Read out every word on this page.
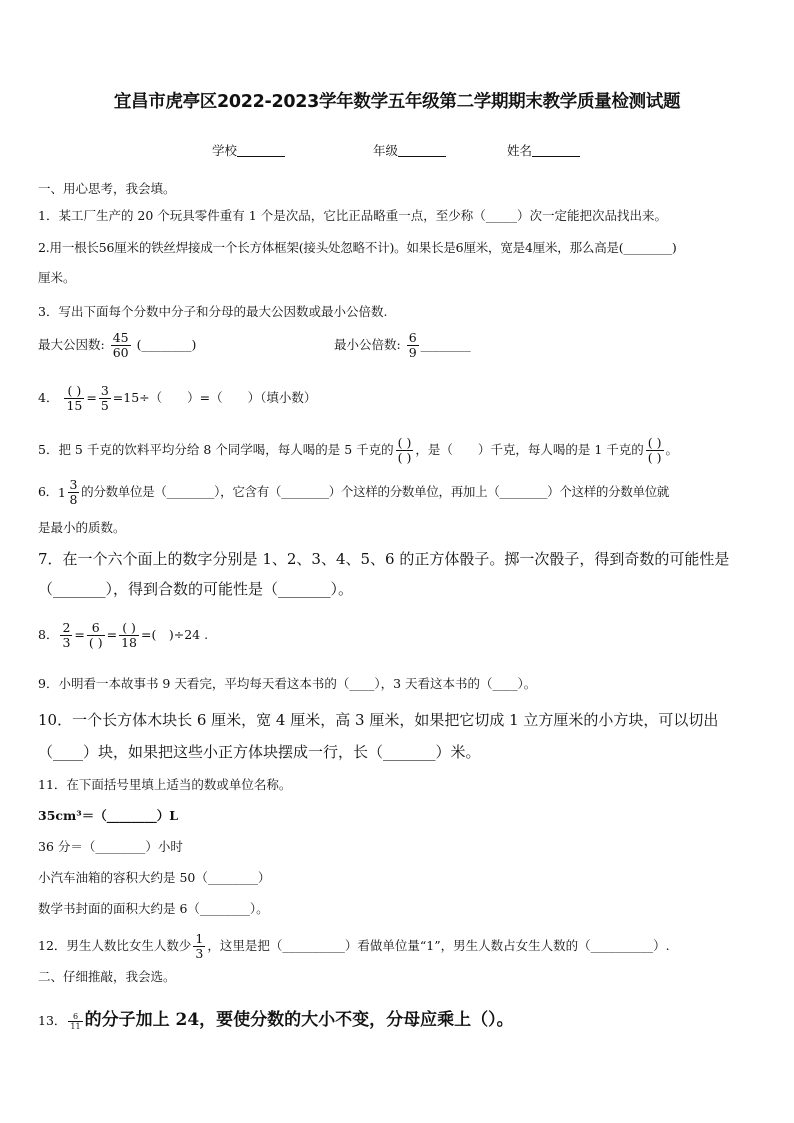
宜昌市虎亭区2022-2023学年数学五年级第二学期期末教学质量检测试题
学校	年级	姓名
一、用心思考，我会填。
1．某工厂生产的 20 个玩具零件重有 1 个是次品，它比正品略重一点，至少称（_____）次一定能把次品找出来。
2.用一根长56厘米的铁丝焊接成一个长方体框架(接头处忽略不计)。如果长是6厘米，宽是4厘米，那么高是(________)
厘米。
3．写出下面每个分数中分子和分母的最大公因数或最小公倍数.
最大公因数: $\frac{45}{60}$ (________)	最小公倍数: $\frac{6}{9}$ ________
4． $\frac{( )}{15} = \frac{3}{5} =15\div$（　　）=（　　）（填小数）
5．把 5 千克的饮料平均分给 8 个同学喝，每人喝的是 5 千克的 $\frac{( )}{( )}$ ，是（　　）千克，每人喝的是 1 千克的 $\frac{( )}{( )}$ 。
6． $1 \frac{3}{8}$ 的分数单位是（________），它含有（________）个这样的分数单位，再加上（________）个这样的分数单位就
是最小的质数。
7．在一个六个面上的数字分别是 1、2、3、4、5、6 的正方体骰子。掷一次骰子，得到奇数的可能性是
（_______），得到合数的可能性是（_______）。
8． $\frac{2}{3} = \frac{6}{( )} = \frac{( )}{18}$ =(　)÷24 .
9．小明看一本故事书 9 天看完，平均每天看这本书的（____），3 天看这本书的（____）。
10．一个长方体木块长 6 厘米，宽 4 厘米，高 3 厘米，如果把它切成 1 立方厘米的小方块，可以切出
（____）块，如果把这些小正方体块摆成一行，长（_______）米。
11．在下面括号里填上适当的数或单位名称。
35cm³＝（________）L
36 分＝（________）小时
小汽车油箱的容积大约是 50（________）
数学书封面的面积大约是 6（________）。
12．男生人数比女生人数少 $\frac{1}{3}$ ，这里是把（__________）看做单位量“1”，男生人数占女生人数的（__________）.
二、仔细推敲，我会选。
13． $\frac{6}{11}$ 的分子加上 24，要使分数的大小不变，分母应乘上（）。
